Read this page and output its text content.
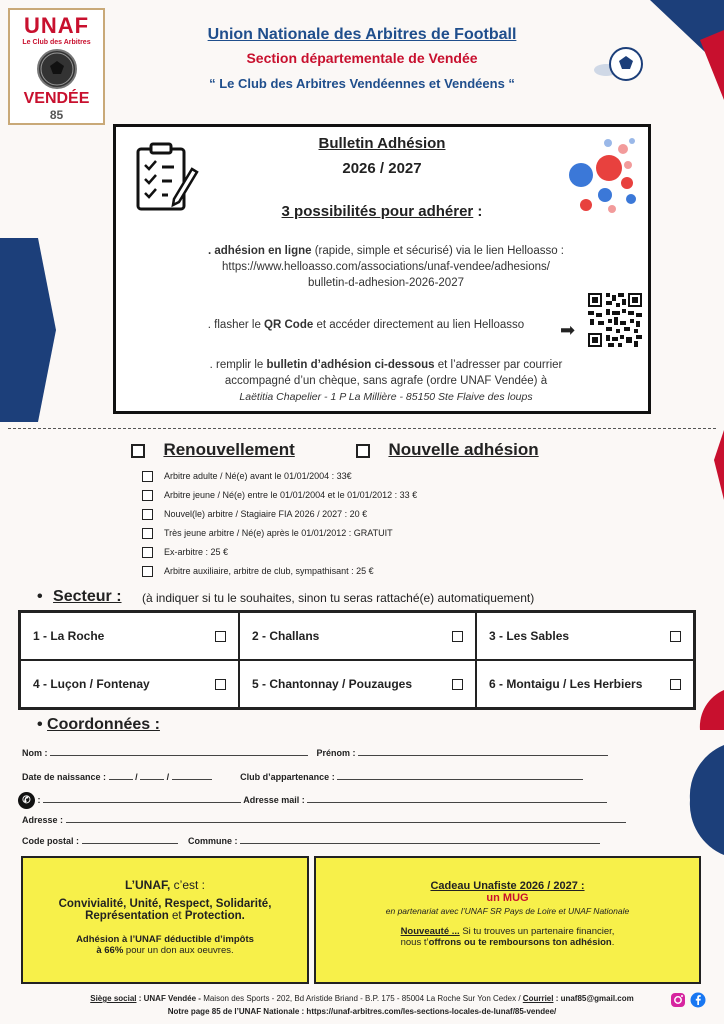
UNAF
Le Club des Arbitres
VENDÉE
85
Union Nationale des Arbitres de Football
Section départementale de Vendée
“ Le Club des Arbitres Vendéennes et Vendéens “
Bulletin Adhésion
2026 / 2027
3 possibilités pour adhérer :
. adhésion en ligne (rapide, simple et sécurisé) via le lien Helloasso :
https://www.helloasso.com/associations/unaf-vendee/adhesions/
bulletin-d-adhesion-2026-2027
. flasher le QR Code et accéder directement au lien Helloasso	➡
. remplir le bulletin d’adhésion ci-dessous et l’adresser par courrier
accompagné d’un chèque, sans agrafe (ordre UNAF Vendée) à
Laëtitia Chapelier - 1 P La Millière - 85150 Ste Flaive des loups
Renouvellement	Nouvelle adhésion
Arbitre adulte / Né(e) avant le 01/01/2004 : 33€
Arbitre jeune / Né(e) entre le 01/01/2004 et le 01/01/2012 : 33 €
Nouvel(le) arbitre / Stagiaire FIA 2026 / 2027 : 20 €
Très jeune arbitre / Né(e) après le 01/01/2012 : GRATUIT
Ex-arbitre : 25 €
Arbitre auxiliaire, arbitre de club, sympathisant : 25 €
• Secteur : (à indiquer si tu le souhaites, sinon tu seras rattaché(e) automatiquement)
1 - La Roche	2 - Challans	3 - Les Sables
4 - Luçon / Fontenay	5 - Chantonnay / Pouzauges	6 - Montaigu / Les Herbiers
• Coordonnées :
Nom :	Prénom :
Date de naissance :	/	/	Club d’appartenance :
✆ :	Adresse mail :
Adresse :
Code postal :	Commune :
L’UNAF, c’est :
Convivialité, Unité, Respect, Solidarité,
Représentation et Protection.
Adhésion à l’UNAF déductible d’impôts
à 66% pour un don aux oeuvres.
Cadeau Unafiste 2026 / 2027 :
un MUG
en partenariat avec l’UNAF SR Pays de Loire et UNAF Nationale
Nouveauté ... Si tu trouves un partenaire financier,
nous t’offrons ou te remboursons ton adhésion.
Siège social : UNAF Vendée - Maison des Sports - 202, Bd Aristide Briand - B.P. 175 - 85004 La Roche Sur Yon Cedex / Courriel : unaf85@gmail.com
Notre page 85 de l’UNAF Nationale : https://unaf-arbitres.com/les-sections-locales-de-lunaf/85-vendee/
